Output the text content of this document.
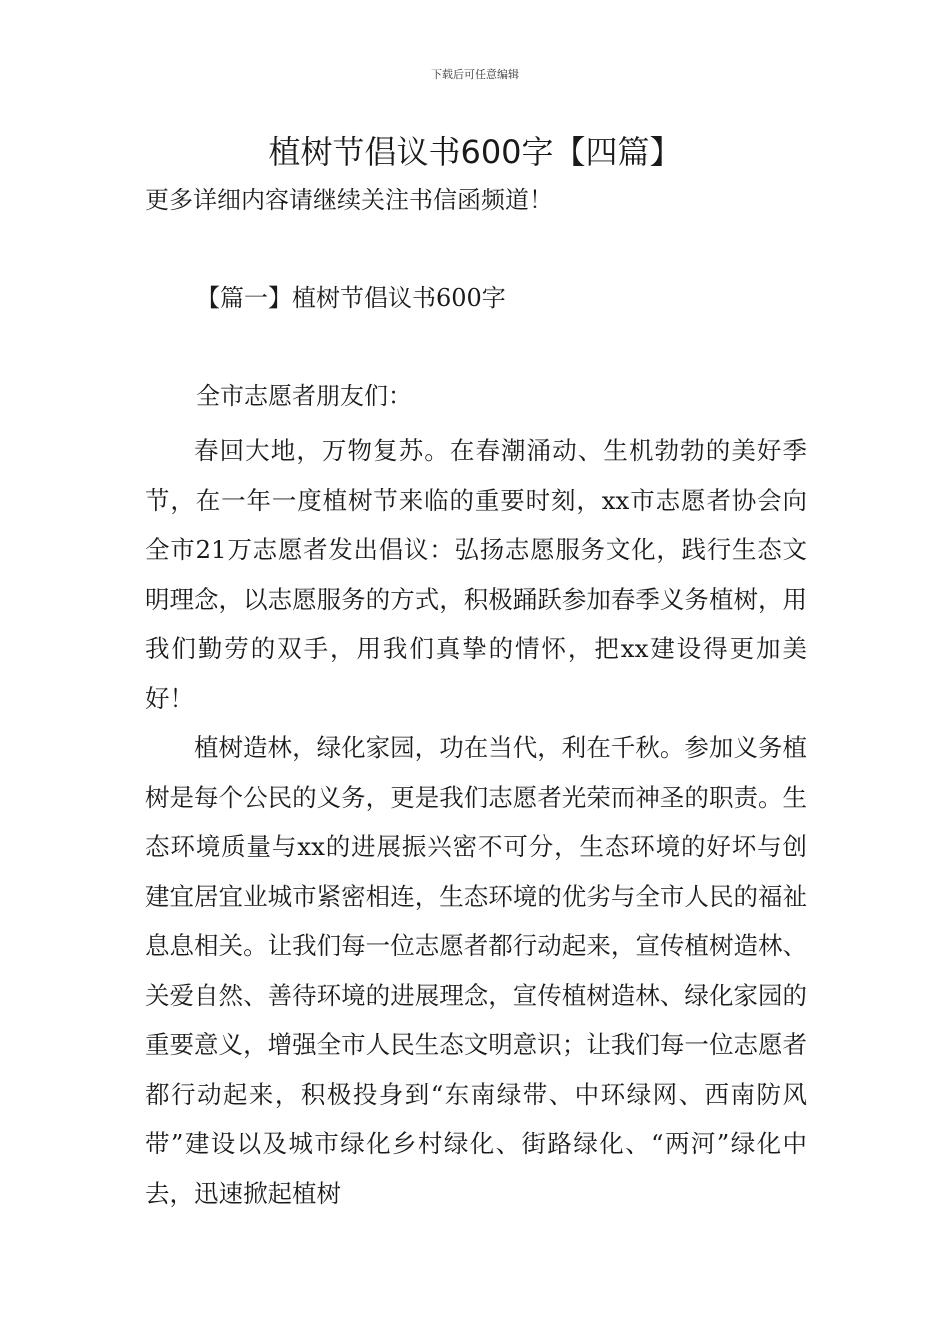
下载后可任意编辑
植树节倡议书600字【四篇】

更多详细内容请继续关注书信函频道！

【篇一】植树节倡议书600字

全市志愿者朋友们：

春回大地，万物复苏。在春潮涌动、生机勃勃的美好季节，在一年一度植树节来临的重要时刻，xx市志愿者协会向全市21万志愿者发出倡议：弘扬志愿服务文化，践行生态文明理念，以志愿服务的方式，积极踊跃参加春季义务植树，用我们勤劳的双手，用我们真挚的情怀，把xx建设得更加美好！

植树造林，绿化家园，功在当代，利在千秋。参加义务植树是每个公民的义务，更是我们志愿者光荣而神圣的职责。生态环境质量与xx的进展振兴密不可分，生态环境的好坏与创建宜居宜业城市紧密相连，生态环境的优劣与全市人民的福祉息息相关。让我们每一位志愿者都行动起来，宣传植树造林、关爱自然、善待环境的进展理念，宣传植树造林、绿化家园的重要意义，增强全市人民生态文明意识；让我们每一位志愿者都行动起来，积极投身到“东南绿带、中环绿网、西南防风带”建设以及城市绿化乡村绿化、街路绿化、“两河”绿化中去，迅速掀起植树
